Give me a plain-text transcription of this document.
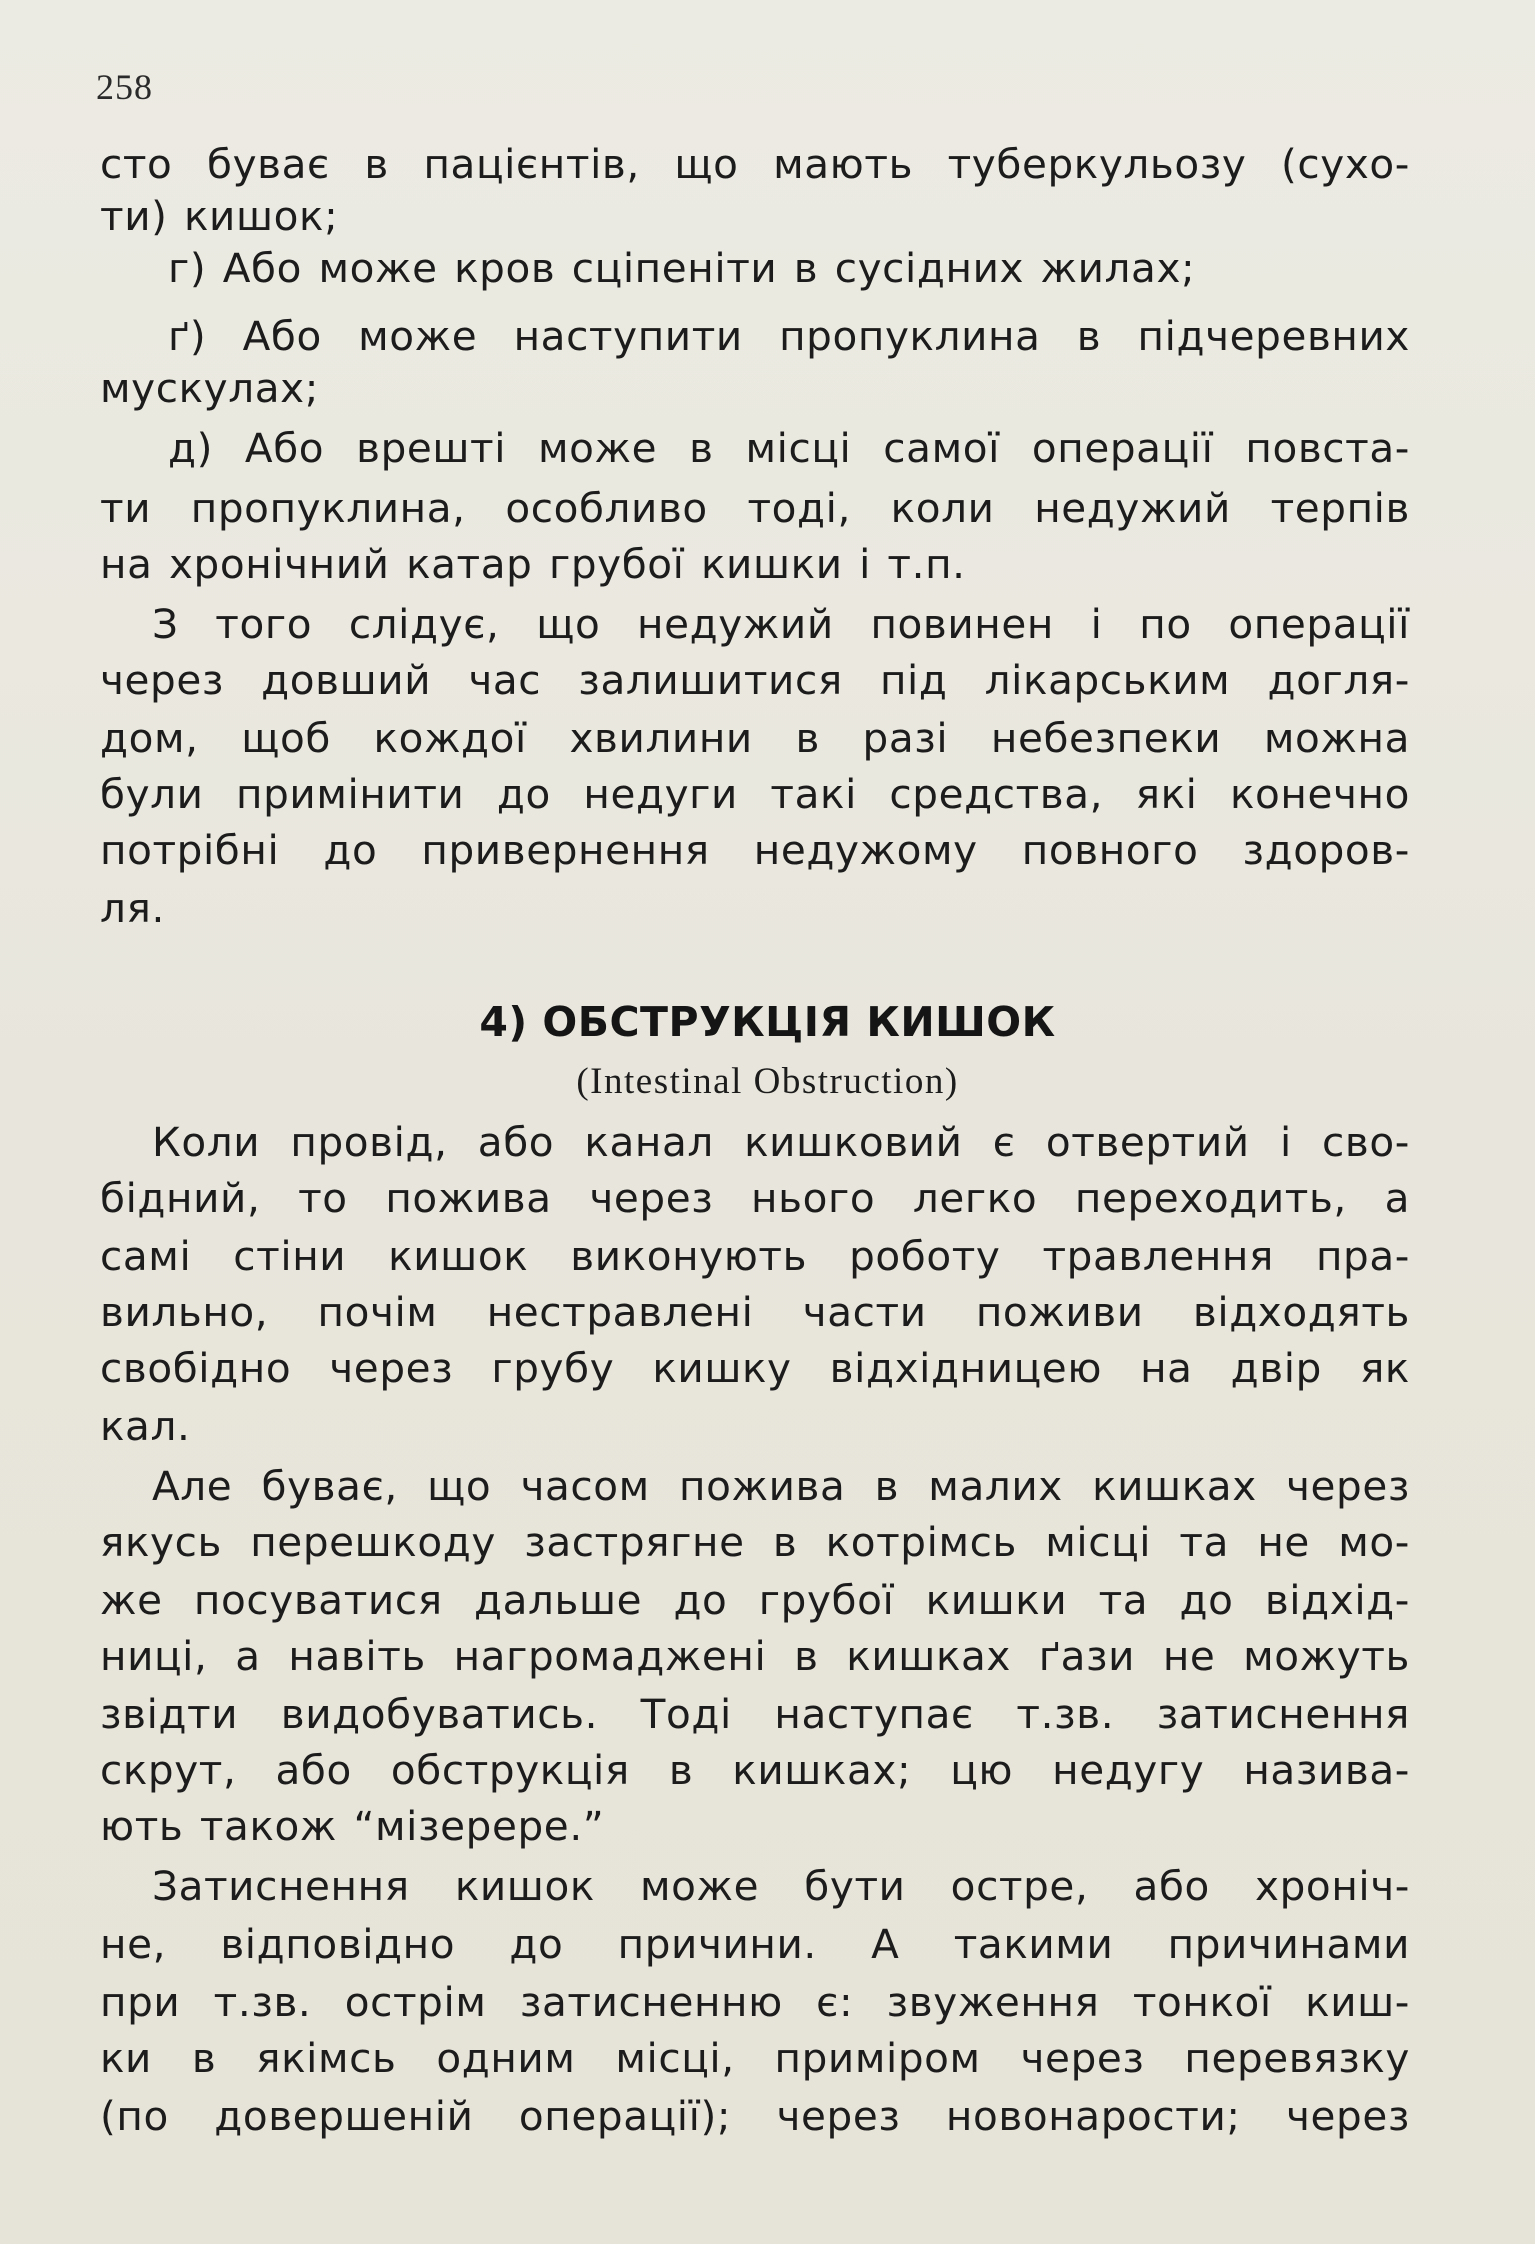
258
сто буває в пацієнтів, що мають туберкульозу (сухо-
ти) кишок;
г) Або може кров сціпеніти в сусідних жилах;
ґ) Або може наступити пропуклина в підчеревних
мускулах;
д) Або врешті може в місці самої операції повста-
ти пропуклина, особливо тоді, коли недужий терпів
на хронічний катар грубої кишки і т.п.
З того слідує, що недужий повинен і по операції
через довший час залишитися під лікарським догля-
дом, щоб кождої хвилини в разі небезпеки можна
були примінити до недуги такі средства, які конечно
потрібні до привернення недужому повного здоров-
ля.
4) ОБСТРУКЦІЯ КИШОК
(Intestinal Obstruction)
Коли провід, або канал кишковий є отвертий і сво-
бідний, то пожива через нього легко переходить, а
самі стіни кишок виконують роботу травлення пра-
вильно, почім нестравлені части поживи відходять
свобідно через грубу кишку відхідницею на двір як
кал.
Але буває, що часом пожива в малих кишках через
якусь перешкоду застрягне в котрімсь місці та не мо-
же посуватися дальше до грубої кишки та до відхід-
ниці, а навіть нагромаджені в кишках ґази не можуть
звідти видобуватись. Тоді наступає т.зв. затиснення
скрут, або обструкція в кишках; цю недугу назива-
ють також “мізерере.”
Затиснення кишок може бути остре, або хроніч-
не, відповідно до причини. А такими причинами
при т.зв. острім затисненню є: звуження тонкої киш-
ки в якімсь одним місці, приміром через перевязку
(по довершеній операції); через новонарости; через
